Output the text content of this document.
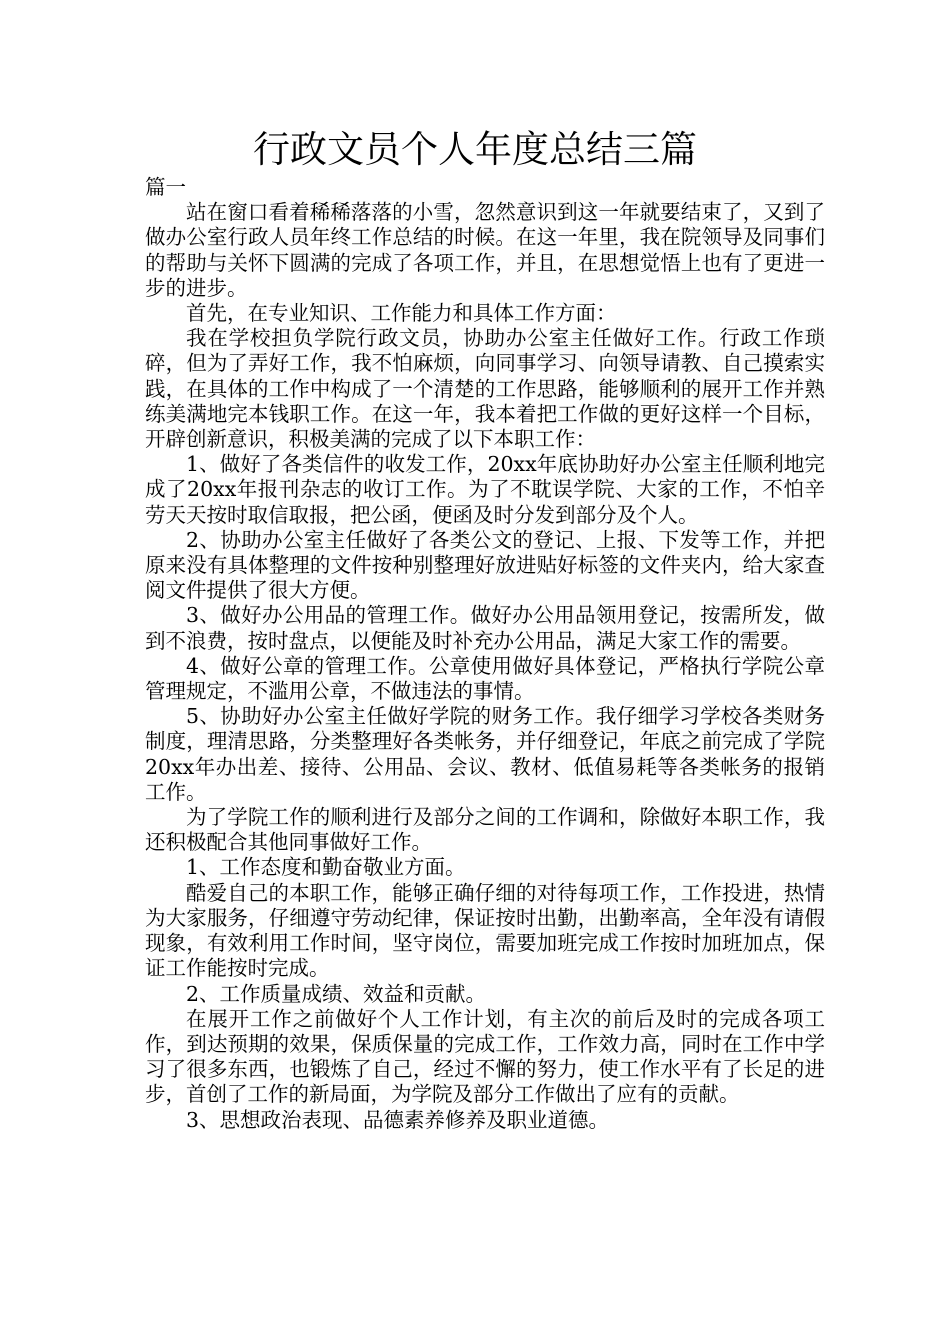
行政文员个人年度总结三篇

篇一

站在窗口看着稀稀落落的小雪，忽然意识到这一年就要结束了，又到了做办公室行政人员年终工作总结的时候。在这一年里，我在院领导及同事们的帮助与关怀下圆满的完成了各项工作，并且，在思想觉悟上也有了更进一步的进步。

首先，在专业知识、工作能力和具体工作方面：

我在学校担负学院行政文员，协助办公室主任做好工作。行政工作琐碎，但为了弄好工作，我不怕麻烦，向同事学习、向领导请教、自己摸索实践，在具体的工作中构成了一个清楚的工作思路，能够顺利的展开工作并熟练美满地完本钱职工作。在这一年，我本着把工作做的更好这样一个目标，开辟创新意识，积极美满的完成了以下本职工作：

1、做好了各类信件的收发工作，20xx年底协助好办公室主任顺利地完成了20xx年报刊杂志的收订工作。为了不耽误学院、大家的工作，不怕辛劳天天按时取信取报，把公函，便函及时分发到部分及个人。

2、协助办公室主任做好了各类公文的登记、上报、下发等工作，并把原来没有具体整理的文件按种别整理好放进贴好标签的文件夹内，给大家查阅文件提供了很大方便。

3、做好办公用品的管理工作。做好办公用品领用登记，按需所发，做到不浪费，按时盘点，以便能及时补充办公用品，满足大家工作的需要。

4、做好公章的管理工作。公章使用做好具体登记，严格执行学院公章管理规定，不滥用公章，不做违法的事情。

5、协助好办公室主任做好学院的财务工作。我仔细学习学校各类财务制度，理清思路，分类整理好各类帐务，并仔细登记，年底之前完成了学院20xx年办出差、接待、公用品、会议、教材、低值易耗等各类帐务的报销工作。

为了学院工作的顺利进行及部分之间的工作调和，除做好本职工作，我还积极配合其他同事做好工作。

1、工作态度和勤奋敬业方面。

酷爱自己的本职工作，能够正确仔细的对待每项工作，工作投进，热情为大家服务，仔细遵守劳动纪律，保证按时出勤，出勤率高，全年没有请假现象，有效利用工作时间，坚守岗位，需要加班完成工作按时加班加点，保证工作能按时完成。

2、工作质量成绩、效益和贡献。

在展开工作之前做好个人工作计划，有主次的前后及时的完成各项工作，到达预期的效果，保质保量的完成工作，工作效力高，同时在工作中学习了很多东西，也锻炼了自己，经过不懈的努力，使工作水平有了长足的进步，首创了工作的新局面，为学院及部分工作做出了应有的贡献。

3、思想政治表现、品德素养修养及职业道德。
